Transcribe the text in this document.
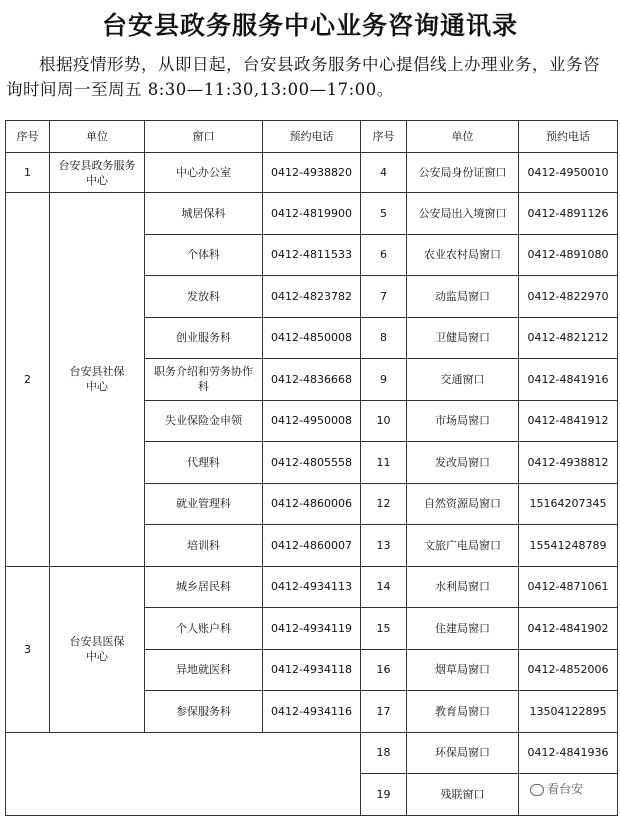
台安县政务服务中心业务咨询通讯录
根据疫情形势，从即日起，台安县政务服务中心提倡线上办理业务，业务咨询时间周一至周五 8:30—11:30,13:00—17:00。
序号	单位	窗口	预约电话	序号	单位	预约电话
1	台安县政务服务中心	中心办公室	0412-4938820	4	公安局身份证窗口	0412-4950010
2	台安县社保中心	城居保科	0412-4819900	5	公安局出入境窗口	0412-4891126
		个体科	0412-4811533	6	农业农村局窗口	0412-4891080
		发放科	0412-4823782	7	动监局窗口	0412-4822970
		创业服务科	0412-4850008	8	卫健局窗口	0412-4821212
		职务介绍和劳务协作科	0412-4836668	9	交通窗口	0412-4841916
		失业保险金申领	0412-4950008	10	市场局窗口	0412-4841912
		代理科	0412-4805558	11	发改局窗口	0412-4938812
		就业管理科	0412-4860006	12	自然资源局窗口	15164207345
		培训科	0412-4860007	13	文旅广电局窗口	15541248789
3	台安县医保中心	城乡居民科	0412-4934113	14	水利局窗口	0412-4871061
		个人账户科	0412-4934119	15	住建局窗口	0412-4841902
		异地就医科	0412-4934118	16	烟草局窗口	0412-4852006
		参保服务科	0412-4934116	17	教育局窗口	13504122895
				18	环保局窗口	0412-4841936
				19	残联窗口		看台安
